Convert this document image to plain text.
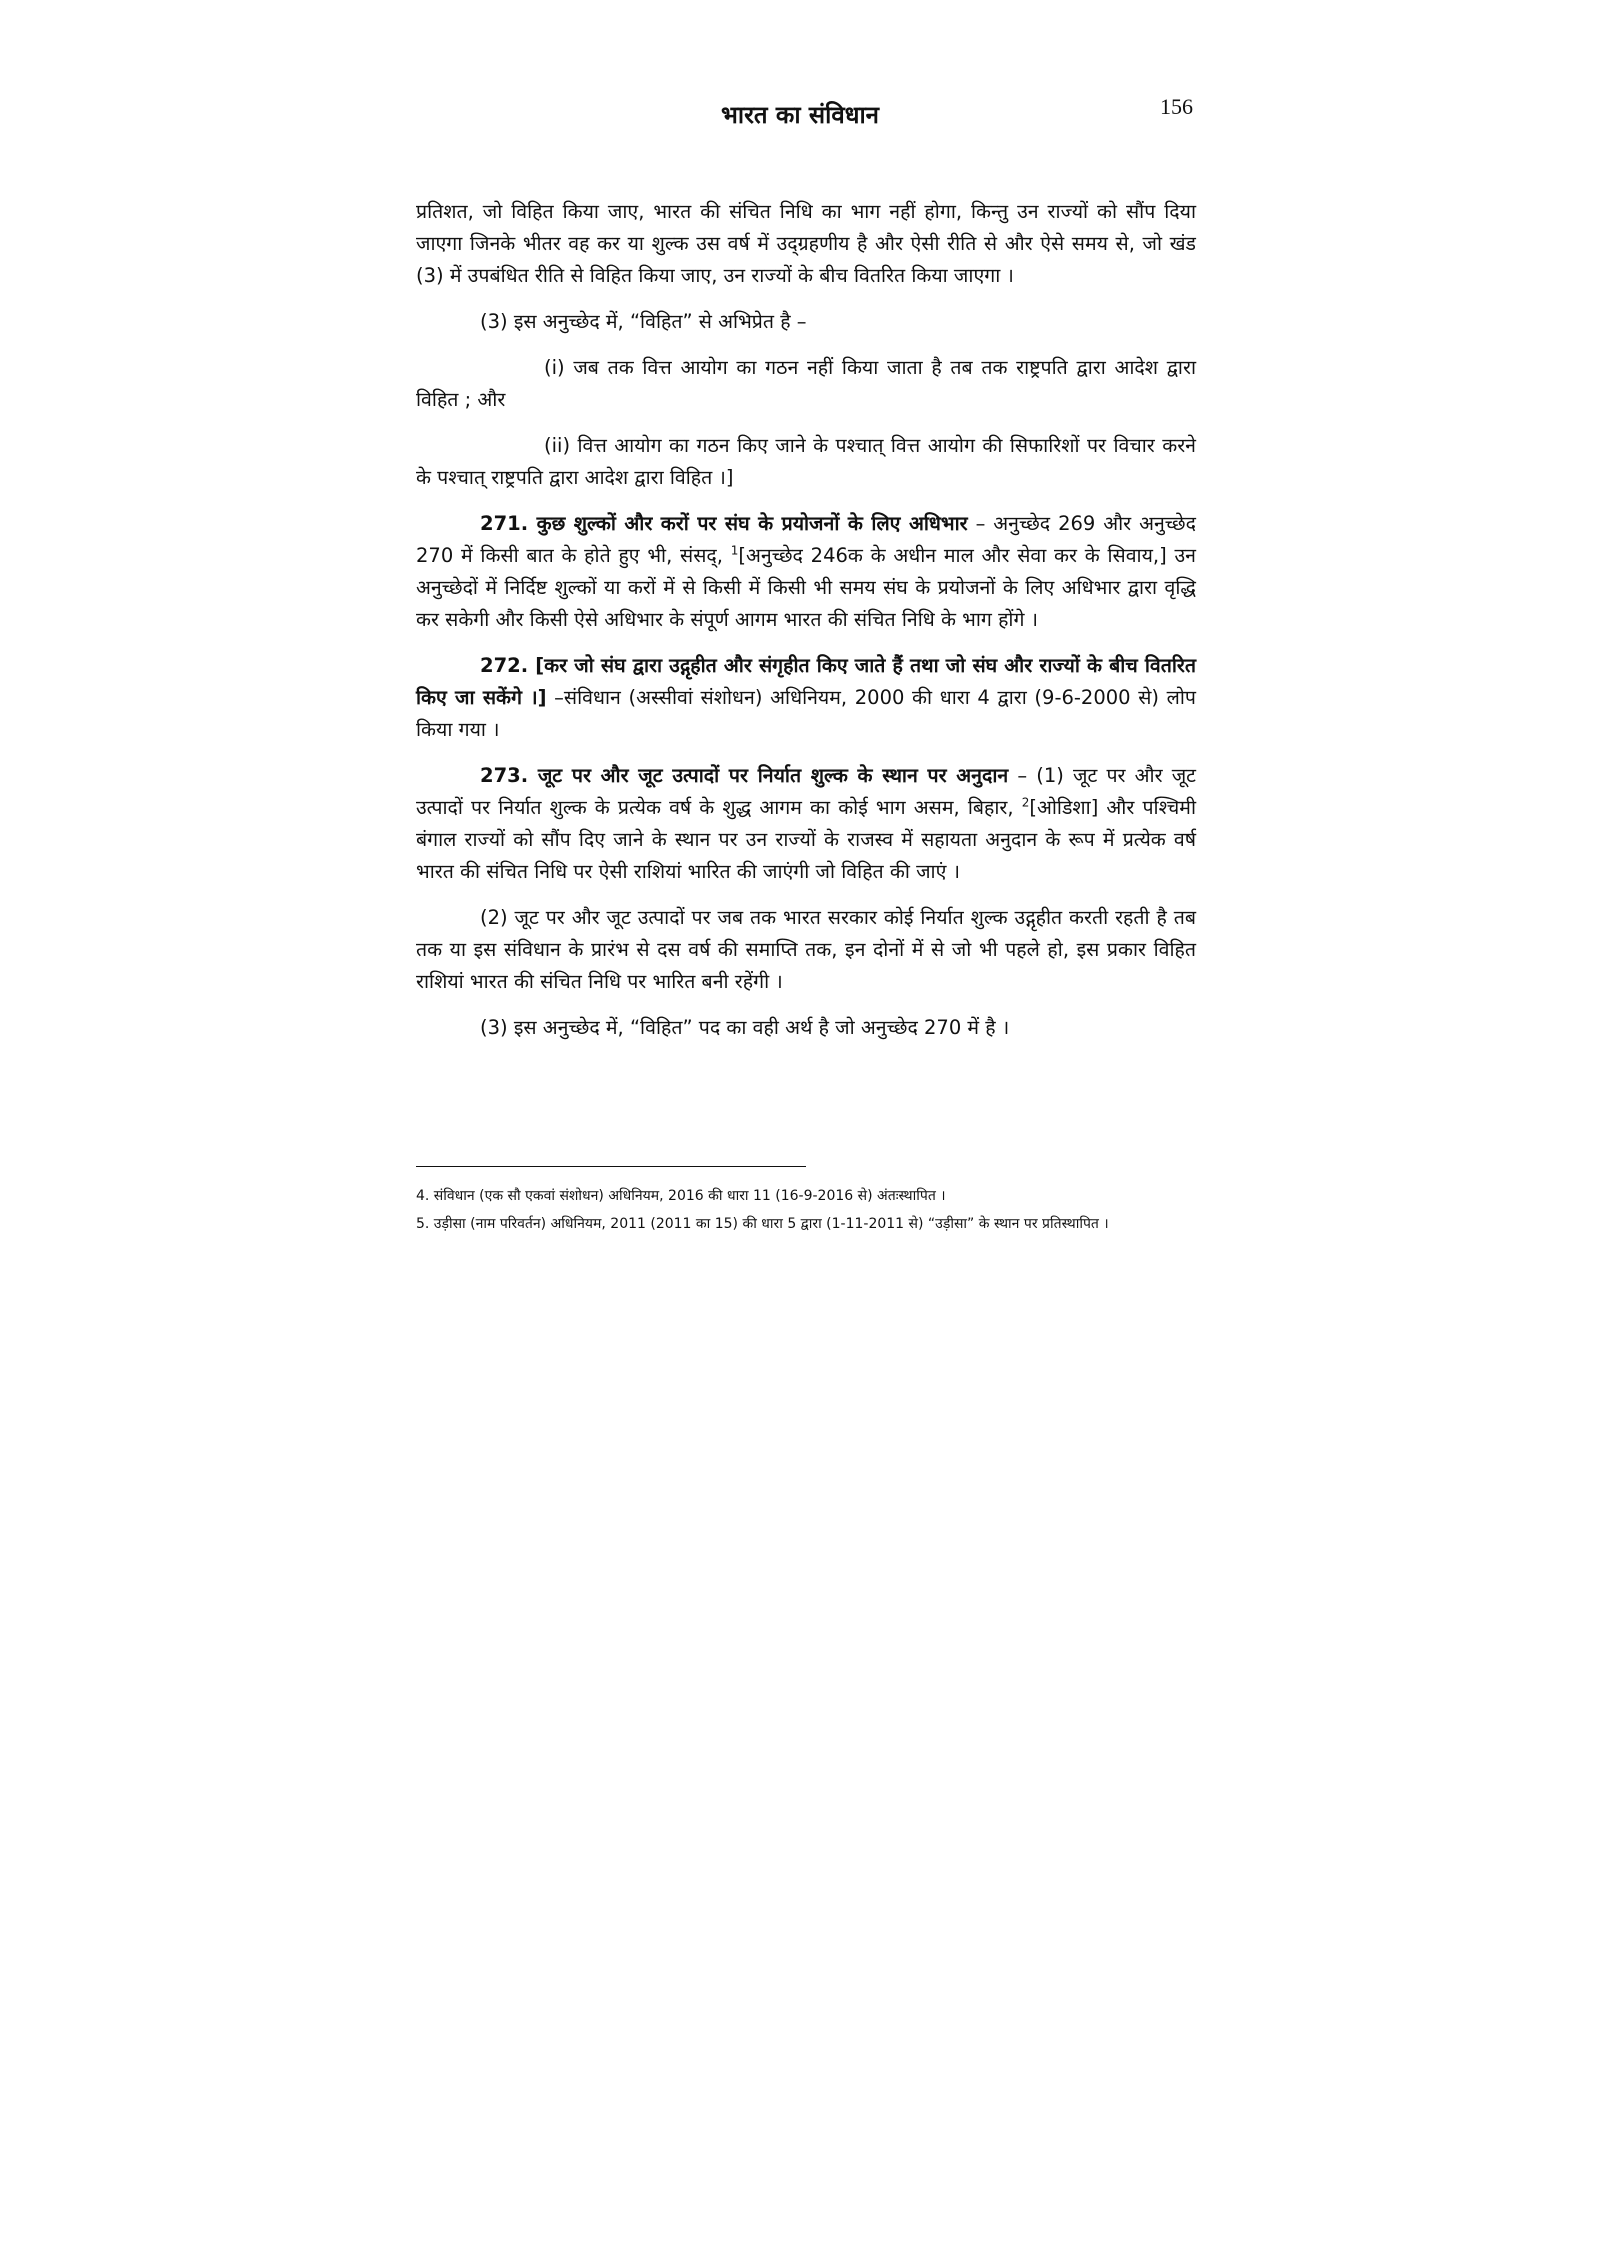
भारत का संविधान	156

प्रतिशत, जो विहित किया जाए, भारत की संचित निधि का भाग नहीं होगा, किन्तु उन राज्यों को सौंप दिया जाएगा जिनके भीतर वह कर या शुल्क उस वर्ष में उद्ग्रहणीय है और ऐसी रीति से और ऐसे समय से, जो खंड (3) में उपबंधित रीति से विहित किया जाए, उन राज्यों के बीच वितरित किया जाएगा ।

(3) इस अनुच्छेद में, “विहित” से अभिप्रेत है –

(i) जब तक वित्त आयोग का गठन नहीं किया जाता है तब तक राष्ट्रपति द्वारा आदेश द्वारा विहित ; और

(ii) वित्त आयोग का गठन किए जाने के पश्चात् वित्त आयोग की सिफारिशों पर विचार करने के पश्चात् राष्ट्रपति द्वारा आदेश द्वारा विहित ।]

271. कुछ शुल्कों और करों पर संघ के प्रयोजनों के लिए अधिभार – अनुच्छेद 269 और अनुच्छेद 270 में किसी बात के होते हुए भी, संसद्, $^1$[अनुच्छेद 246क के अधीन माल और सेवा कर के सिवाय,] उन अनुच्छेदों में निर्दिष्ट शुल्कों या करों में से किसी में किसी भी समय संघ के प्रयोजनों के लिए अधिभार द्वारा वृद्धि कर सकेगी और किसी ऐसे अधिभार के संपूर्ण आगम भारत की संचित निधि के भाग होंगे ।

272. [कर जो संघ द्वारा उद्गृहीत और संगृहीत किए जाते हैं तथा जो संघ और राज्यों के बीच वितरित किए जा सकेंगे ।] –संविधान (अस्सीवां संशोधन) अधिनियम, 2000 की धारा 4 द्वारा (9-6-2000 से) लोप किया गया ।

273. जूट पर और जूट उत्पादों पर निर्यात शुल्क के स्थान पर अनुदान – (1) जूट पर और जूट उत्पादों पर निर्यात शुल्क के प्रत्येक वर्ष के शुद्ध आगम का कोई भाग असम, बिहार, $^2$[ओडिशा] और पश्चिमी बंगाल राज्यों को सौंप दिए जाने के स्थान पर उन राज्यों के राजस्व में सहायता अनुदान के रूप में प्रत्येक वर्ष भारत की संचित निधि पर ऐसी राशियां भारित की जाएंगी जो विहित की जाएं ।

(2) जूट पर और जूट उत्पादों पर जब तक भारत सरकार कोई निर्यात शुल्क उद्गृहीत करती रहती है तब तक या इस संविधान के प्रारंभ से दस वर्ष की समाप्ति तक, इन दोनों में से जो भी पहले हो, इस प्रकार विहित राशियां भारत की संचित निधि पर भारित बनी रहेंगी ।

(3) इस अनुच्छेद में, “विहित” पद का वही अर्थ है जो अनुच्छेद 270 में है ।

4. संविधान (एक सौ एकवां संशोधन) अधिनियम, 2016 की धारा 11 (16-9-2016 से) अंतःस्थापित ।

5. उड़ीसा (नाम परिवर्तन) अधिनियम, 2011 (2011 का 15) की धारा 5 द्वारा (1-11-2011 से) “उड़ीसा” के स्थान पर प्रतिस्थापित ।
